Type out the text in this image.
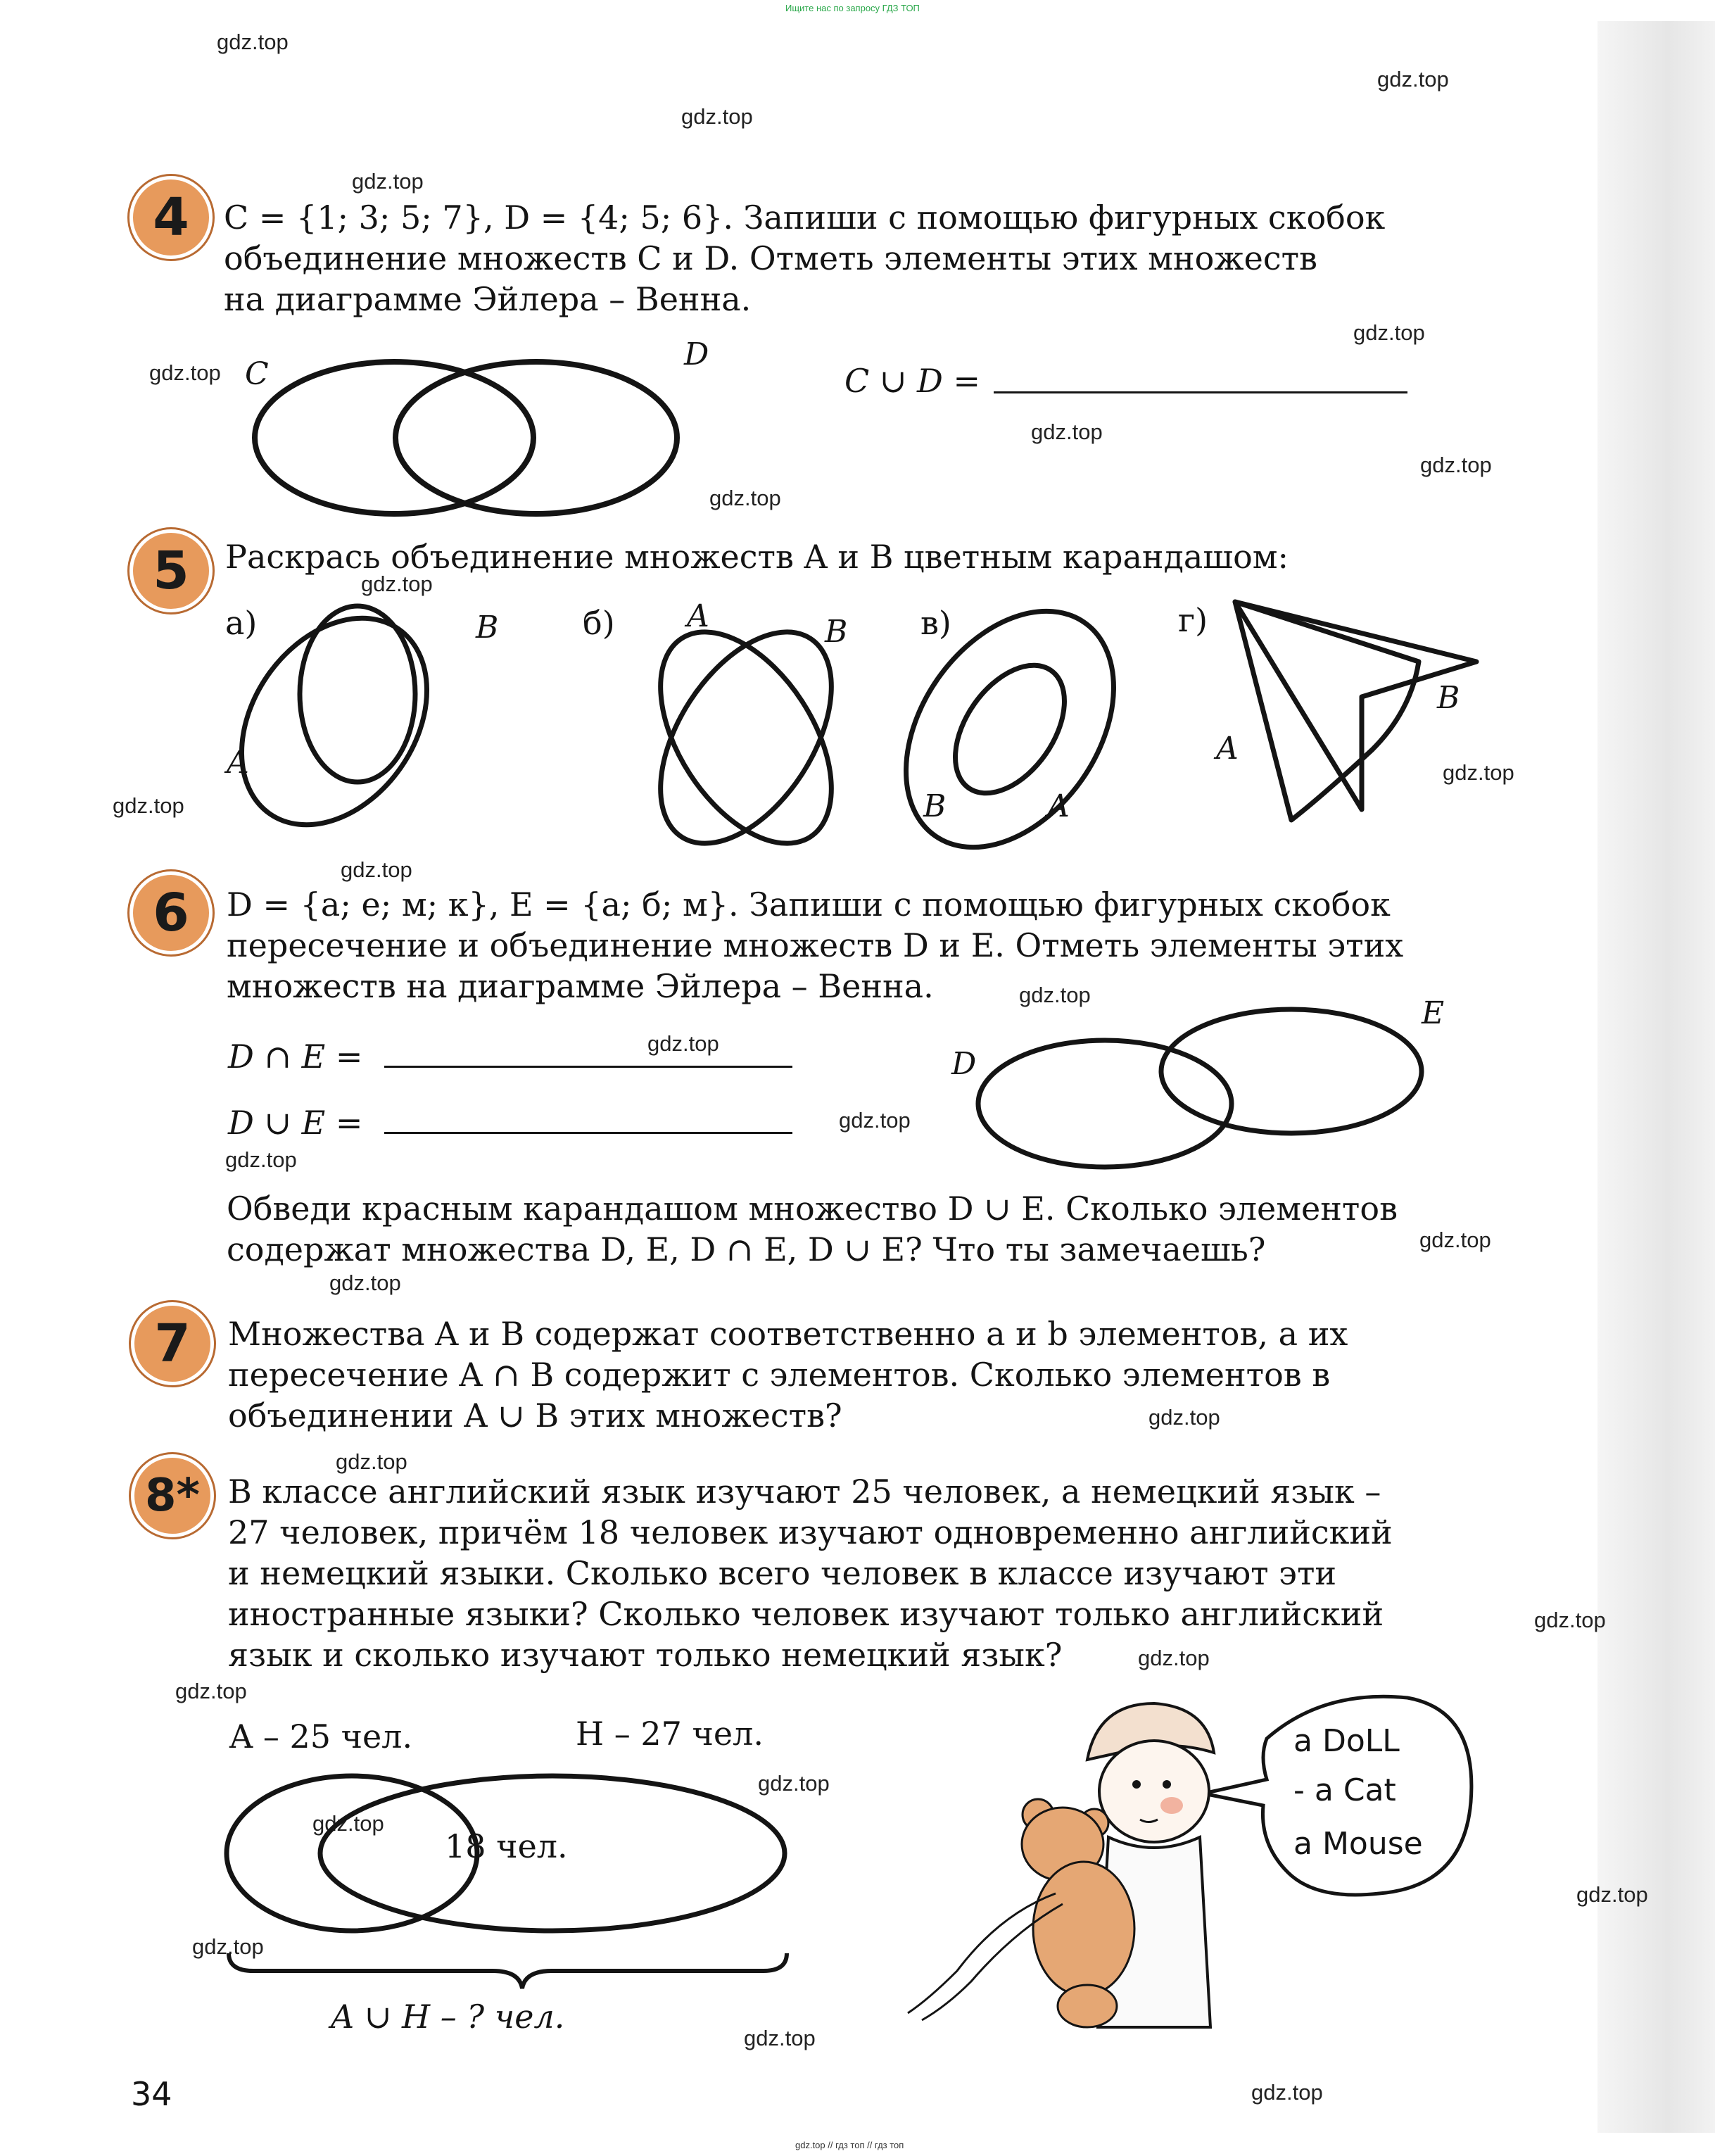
Ищите нас по запросу ГДЗ ТОП
gdz.top // гдз топ // гдз топ
gdz.top
gdz.top
gdz.top
gdz.top
gdz.top
gdz.top
gdz.top
gdz.top
gdz.top
gdz.top
gdz.top
gdz.top
gdz.top
gdz.top
gdz.top
gdz.top
gdz.top
gdz.top
gdz.top
gdz.top
gdz.top
gdz.top
gdz.top
gdz.top
gdz.top
gdz.top
gdz.top
gdz.top
gdz.top
gdz.top
4	C = {1; 3; 5; 7}, D = {4; 5; 6}. Запиши с помощью фигурных скобок
объединение множеств C и D. Отметь элементы этих множеств
на диаграмме Эйлера – Венна.
C
D
C ∪ D =
5	Раскрась объединение множеств A и B цветным карандашом:
а)	B
A
б) A	B в)
B	A
г)
B
A
6	D = {а; е; м; к}, E = {а; б; м}. Запиши с помощью фигурных скобок
пересечение и объединение множеств D и E. Отметь элементы этих
множеств на диаграмме Эйлера – Венна.
D ∩ E =
D ∪ E =
D
E
Обведи красным карандашом множество D ∪ E. Сколько элементов
содержат множества D, E, D ∩ E, D ∪ E? Что ты замечаешь?
7	Множества A и B содержат соответственно a и b элементов, а их
пересечение A ∩ B содержит c элементов. Сколько элементов в
объединении A ∪ B этих множеств?
8* В классе английский язык изучают 25 человек, а немецкий язык –
27 человек, причём 18 человек изучают одновременно английский
и немецкий языки. Сколько всего человек в классе изучают эти
иностранные языки? Сколько человек изучают только английский
язык и сколько изучают только немецкий язык?
A – 25 чел.	H – 27 чел.
18 чел.
A ∪ H – ? чел.
a DoLL
- a Cat
a Mouse
34
